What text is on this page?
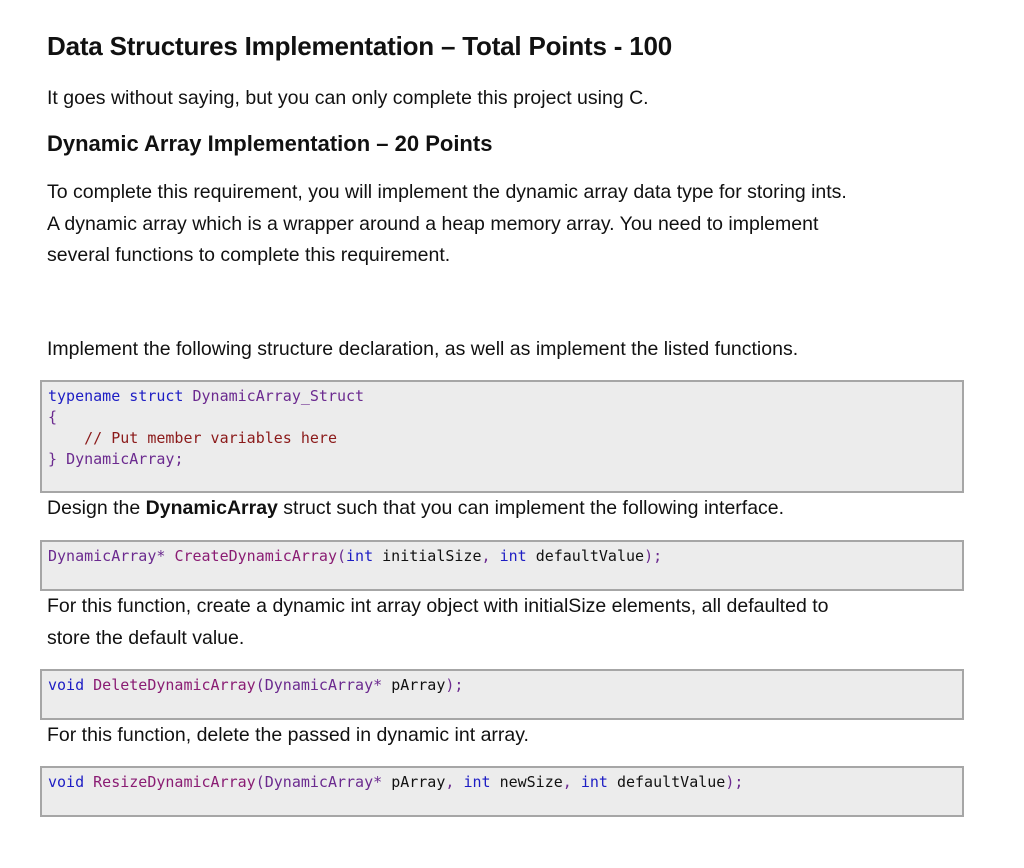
Data Structures Implementation – Total Points - 100
It goes without saying, but you can only complete this project using C.
Dynamic Array Implementation – 20 Points
To complete this requirement, you will implement the dynamic array data type for storing ints.
A dynamic array which is a wrapper around a heap memory array. You need to implement
several functions to complete this requirement.
Implement the following structure declaration, as well as implement the listed functions.
typename struct DynamicArray_Struct
{
// Put member variables here
} DynamicArray;
Design the DynamicArray struct such that you can implement the following interface.
DynamicArray* CreateDynamicArray(int initialSize, int defaultValue);
For this function, create a dynamic int array object with initialSize elements, all defaulted to
store the default value.
void DeleteDynamicArray(DynamicArray* pArray);
For this function, delete the passed in dynamic int array.
void ResizeDynamicArray(DynamicArray* pArray, int newSize, int defaultValue);
